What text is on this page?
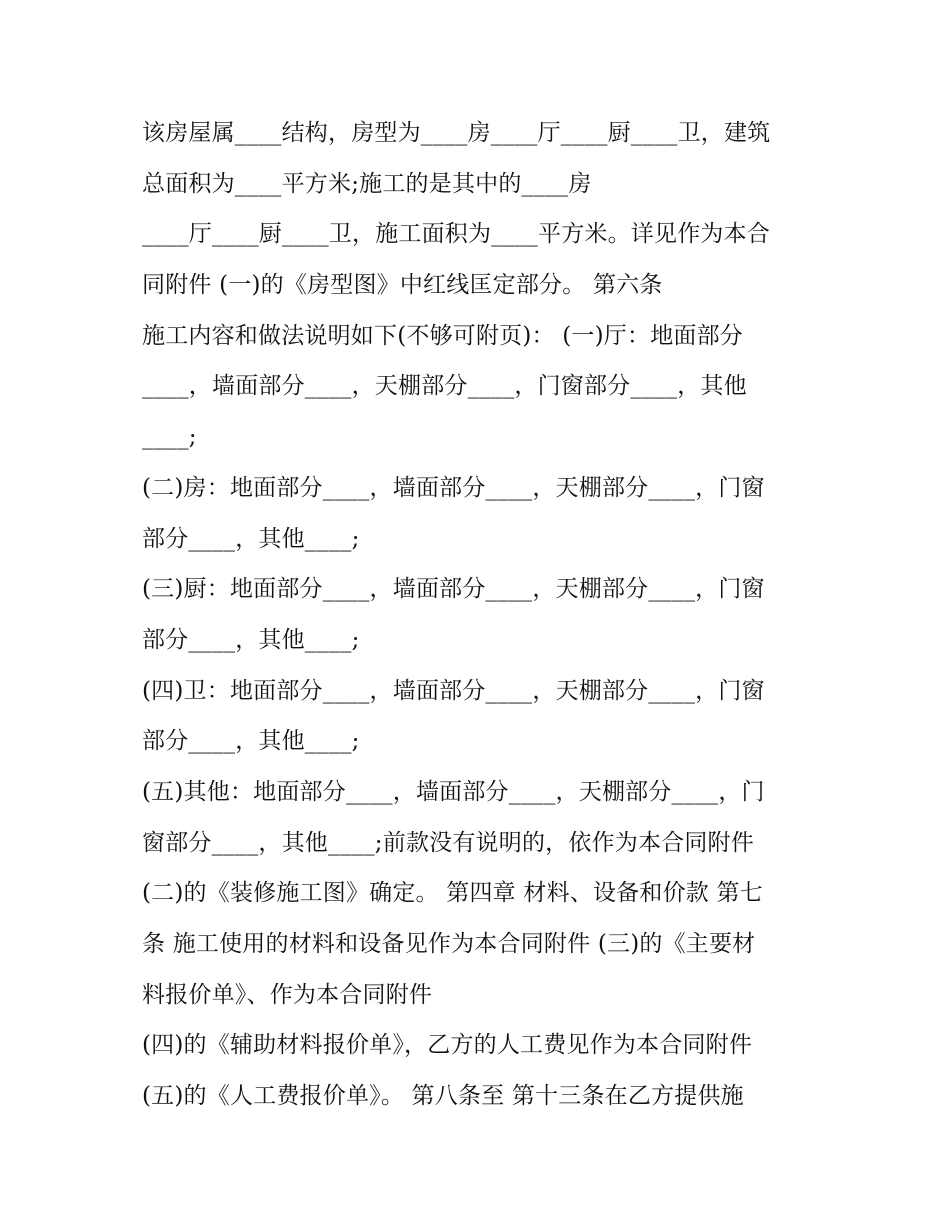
该房屋属____结构，房型为____房____厅____厨____卫，建筑
总面积为____平方米;施工的是其中的____房
____厅____厨____卫，施工面积为____平方米。详见作为本合
同附件 (一)的《房型图》中红线匡定部分。 第六条
施工内容和做法说明如下(不够可附页)： (一)厅：地面部分
____，墙面部分____，天棚部分____，门窗部分____，其他
____;
(二)房：地面部分____，墙面部分____，天棚部分____，门窗
部分____，其他____;
(三)厨：地面部分____，墙面部分____，天棚部分____，门窗
部分____，其他____;
(四)卫：地面部分____，墙面部分____，天棚部分____，门窗
部分____，其他____;
(五)其他：地面部分____，墙面部分____，天棚部分____，门
窗部分____，其他____;前款没有说明的，依作为本合同附件
(二)的《装修施工图》确定。 第四章 材料、设备和价款 第七
条 施工使用的材料和设备见作为本合同附件 (三)的《主要材
料报价单》、作为本合同附件
(四)的《辅助材料报价单》，乙方的人工费见作为本合同附件
(五)的《人工费报价单》。 第八条至 第十三条在乙方提供施
